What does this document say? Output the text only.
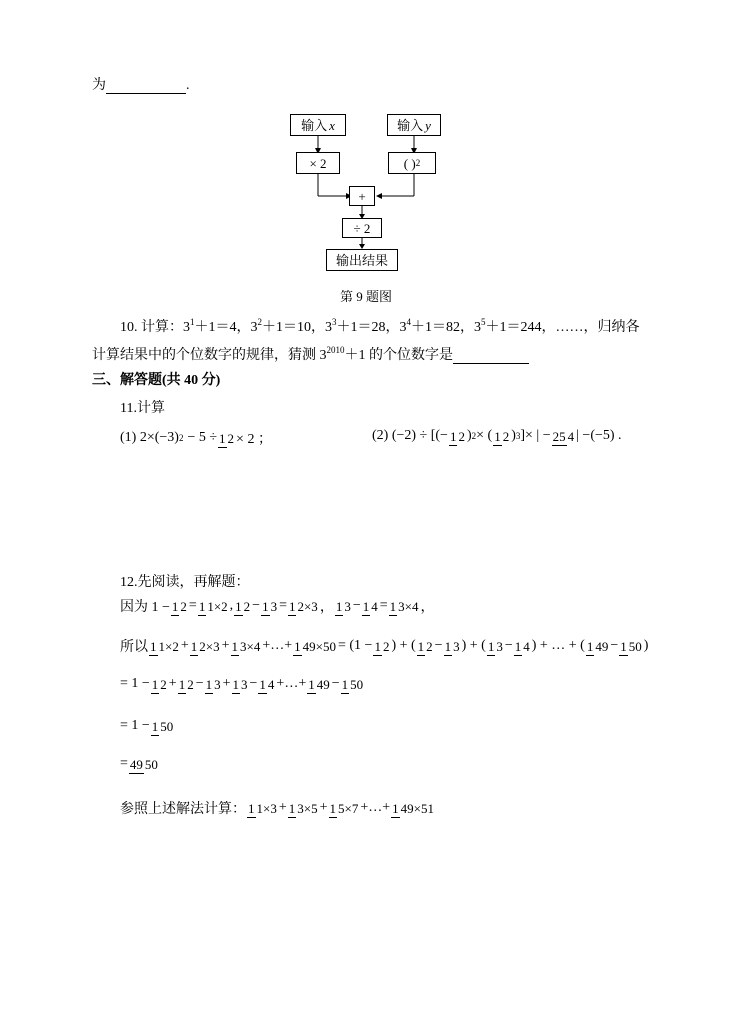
为	.
输入 x	输入 y
× 2	( ) 2
+
÷ 2
输出结果
第 9 题图
10. 计算：$3^1+1=4$，$3^2+1=10$，$3^3+1=28$，$3^4+1=82$，$3^5+1=244$，……，归纳各
计算结果中的个位数字的规律，猜测 $3^{2010}+1$ 的个位数字是
三、解答题(共 40 分)
11.计算
(1) 2×(−3) 2 − 5 ÷ 1 2 × 2 ；	(2) (−2) ÷ [(− 1 2 ) 2 × ( 1 2 ) 3 ]× | − 25 4 | −(−5) .
12.先阅读，再解题：
因为 1 − 1 2 = 1 1×2 , 1 2 − 1 3 = 1 2×3 ， 1 3 − 1 4 = 1 3×4 ，
所以 1 1×2 + 1 2×3 + 1 3×4 +…+ 1 49×50 = (1 − 1 2 ) + ( 1 2 − 1 3 ) + ( 1 3 − 1 4 ) + … + ( 1 49 − 1 50 )
= 1 − 1 2 + 1 2 − 1 3 + 1 3 − 1 4 +…+ 1 49 − 1 50
= 1 − 1 50
= 49 50
参照上述解法计算： 1 1×3 + 1 3×5 + 1 5×7 +…+ 1 49×51
